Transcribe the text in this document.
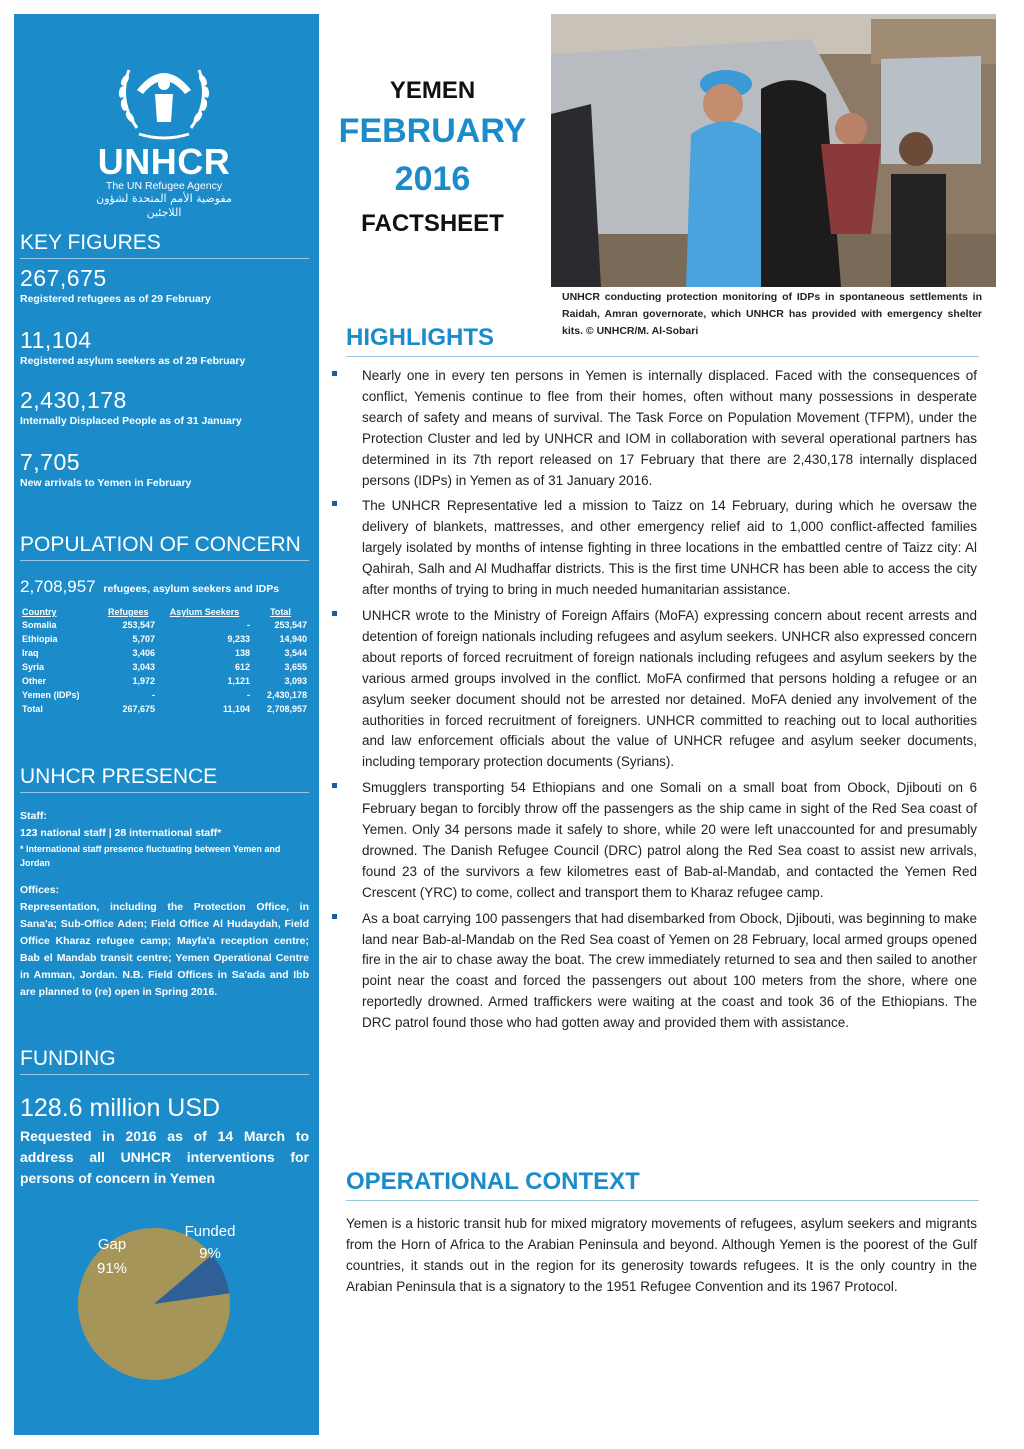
UNHCR
The UN Refugee Agency
مفوضية الأمم المتحدة لشؤون اللاجئين
KEY FIGURES
267,675
Registered refugees as of 29 February
11,104
Registered asylum seekers as of 29 February
2,430,178
Internally Displaced People as of 31 January
7,705
New arrivals to Yemen in February
POPULATION OF CONCERN
2,708,957 refugees, asylum seekers and IDPs
Country	Refugees	Asylum Seekers	Total
Somalia	253,547	-	253,547
Ethiopia	5,707	9,233	14,940
Iraq	3,406	138	3,544
Syria	3,043	612	3,655
Other	1,972	1,121	3,093
Yemen (IDPs)	-	-	2,430,178
Total	267,675	11,104	2,708,957
UNHCR PRESENCE

Staff:

123 national staff | 28 international staff*

* International staff presence fluctuating between Yemen and Jordan

Offices:

Representation, including the Protection Office, in Sana'a; Sub-Office Aden; Field Office Al Hudaydah, Field Office Kharaz refugee camp; Mayfa'a reception centre; Bab el Mandab transit centre; Yemen Operational Centre in Amman, Jordan. N.B. Field Offices in Sa'ada and Ibb are planned to (re) open in Spring 2016.

FUNDING
128.6 million USD
Requested in 2016 as of 14 March to address all UNHCR interventions for persons of concern in Yemen
Gap
91%
Funded
9%
YEMEN
FEBRUARY
2016
FACTSHEET
UNHCR conducting protection monitoring of IDPs in spontaneous settlements in Raidah, Amran governorate, which UNHCR has provided with emergency shelter kits. © UNHCR/M. Al-Sobari
HIGHLIGHTS
Nearly one in every ten persons in Yemen is internally displaced. Faced with the consequences of conflict, Yemenis continue to flee from their homes, often without many possessions in desperate search of safety and means of survival. The Task Force on Population Movement (TFPM), under the Protection Cluster and led by UNHCR and IOM in collaboration with several operational partners has determined in its 7th report released on 17 February that there are 2,430,178 internally displaced persons (IDPs) in Yemen as of 31 January 2016.
The UNHCR Representative led a mission to Taizz on 14 February, during which he oversaw the delivery of blankets, mattresses, and other emergency relief aid to 1,000 conflict-affected families largely isolated by months of intense fighting in three locations in the embattled centre of Taizz city: Al Qahirah, Salh and Al Mudhaffar districts. This is the first time UNHCR has been able to access the city after months of trying to bring in much needed humanitarian assistance.
UNHCR wrote to the Ministry of Foreign Affairs (MoFA) expressing concern about recent arrests and detention of foreign nationals including refugees and asylum seekers. UNHCR also expressed concern about reports of forced recruitment of foreign nationals including refugees and asylum seekers by the various armed groups involved in the conflict. MoFA confirmed that persons holding a refugee or an asylum seeker document should not be arrested nor detained. MoFA denied any involvement of the authorities in forced recruitment of foreigners. UNHCR committed to reaching out to local authorities and law enforcement officials about the value of UNHCR refugee and asylum seeker documents, including temporary protection documents (Syrians).
Smugglers transporting 54 Ethiopians and one Somali on a small boat from Obock, Djibouti on 6 February began to forcibly throw off the passengers as the ship came in sight of the Red Sea coast of Yemen. Only 34 persons made it safely to shore, while 20 were left unaccounted for and presumably drowned. The Danish Refugee Council (DRC) patrol along the Red Sea coast to assist new arrivals, found 23 of the survivors a few kilometres east of Bab-al-Mandab, and contacted the Yemen Red Crescent (YRC) to come, collect and transport them to Kharaz refugee camp.
As a boat carrying 100 passengers that had disembarked from Obock, Djibouti, was beginning to make land near Bab-al-Mandab on the Red Sea coast of Yemen on 28 February, local armed groups opened fire in the air to chase away the boat. The crew immediately returned to sea and then sailed to another point near the coast and forced the passengers out about 100 meters from the shore, where one reportedly drowned. Armed traffickers were waiting at the coast and took 36 of the Ethiopians. The DRC patrol found those who had gotten away and provided them with assistance.
OPERATIONAL CONTEXT
Yemen is a historic transit hub for mixed migratory movements of refugees, asylum seekers and migrants from the Horn of Africa to the Arabian Peninsula and beyond. Although Yemen is the poorest of the Gulf countries, it stands out in the region for its generosity towards refugees. It is the only country in the Arabian Peninsula that is a signatory to the 1951 Refugee Convention and its 1967 Protocol.
